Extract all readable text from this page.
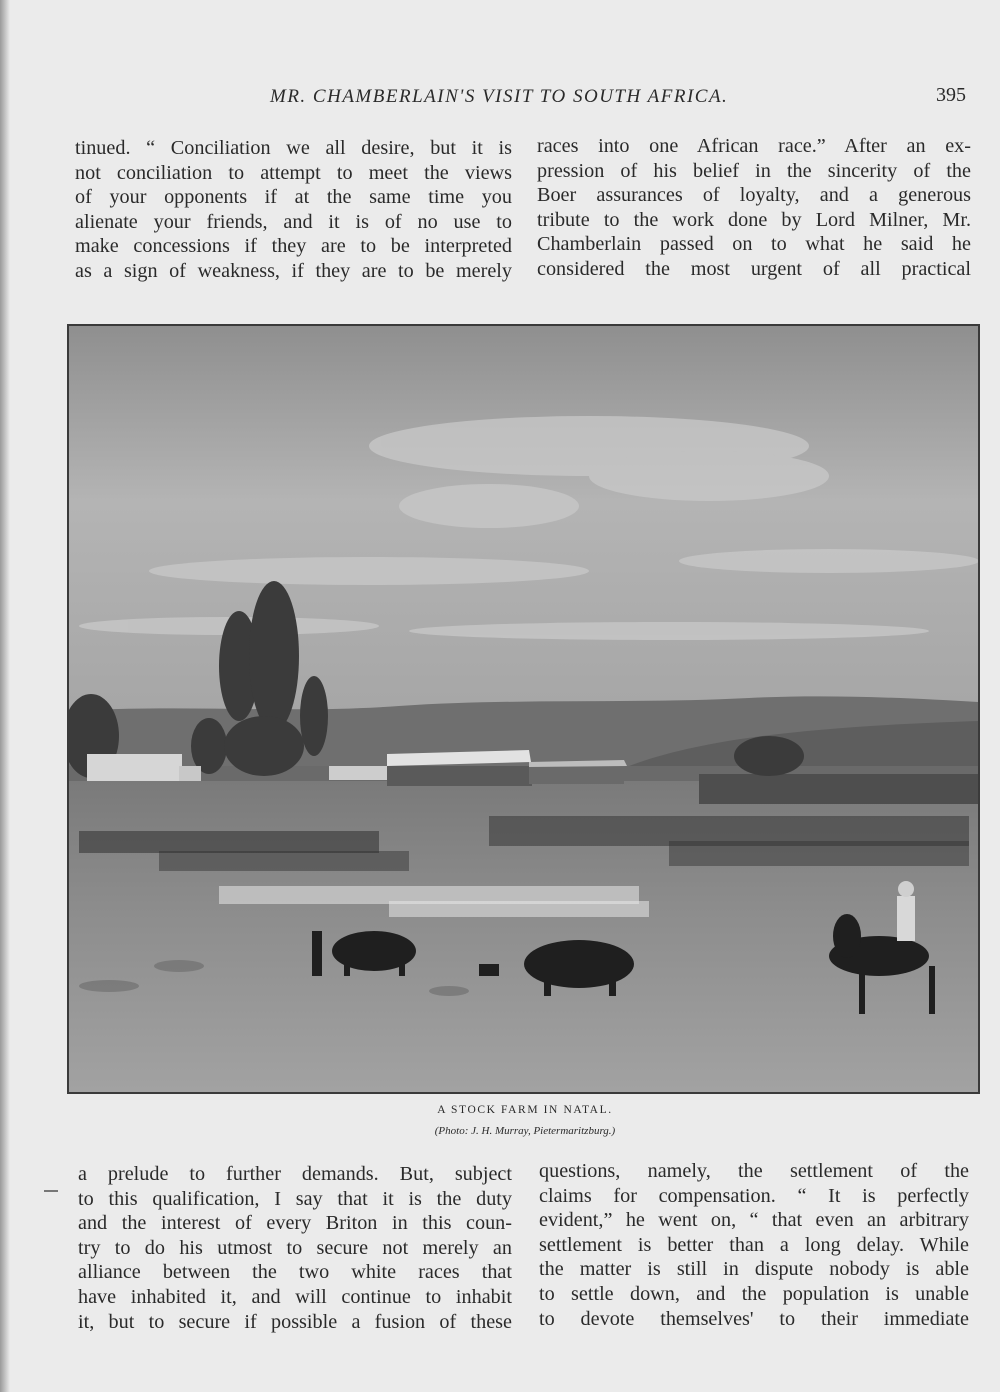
MR. CHAMBERLAIN'S VISIT TO SOUTH AFRICA.	395

tinued. “ Conciliation we all desire, but it is

not conciliation to attempt to meet the views

of your opponents if at the same time you

alienate your friends, and it is of no use to

make concessions if they are to be interpreted

as a sign of weakness, if they are to be merely

races into one African race.” After an ex-

pression of his belief in the sincerity of the

Boer assurances of loyalty, and a generous

tribute to the work done by Lord Milner, Mr.

Chamberlain passed on to what he said he

considered the most urgent of all practical

A STOCK FARM IN NATAL.
(Photo: J. H. Murray, Pietermaritzburg.)

a prelude to further demands. But, subject

to this qualification, I say that it is the duty

and the interest of every Briton in this coun-

try to do his utmost to secure not merely an

alliance between the two white races that

have inhabited it, and will continue to inhabit

it, but to secure if possible a fusion of these

questions, namely, the settlement of the

claims for compensation. “ It is perfectly

evident,” he went on, “ that even an arbitrary

settlement is better than a long delay. While

the matter is still in dispute nobody is able

to settle down, and the population is unable

to devote themselves' to their immediate
